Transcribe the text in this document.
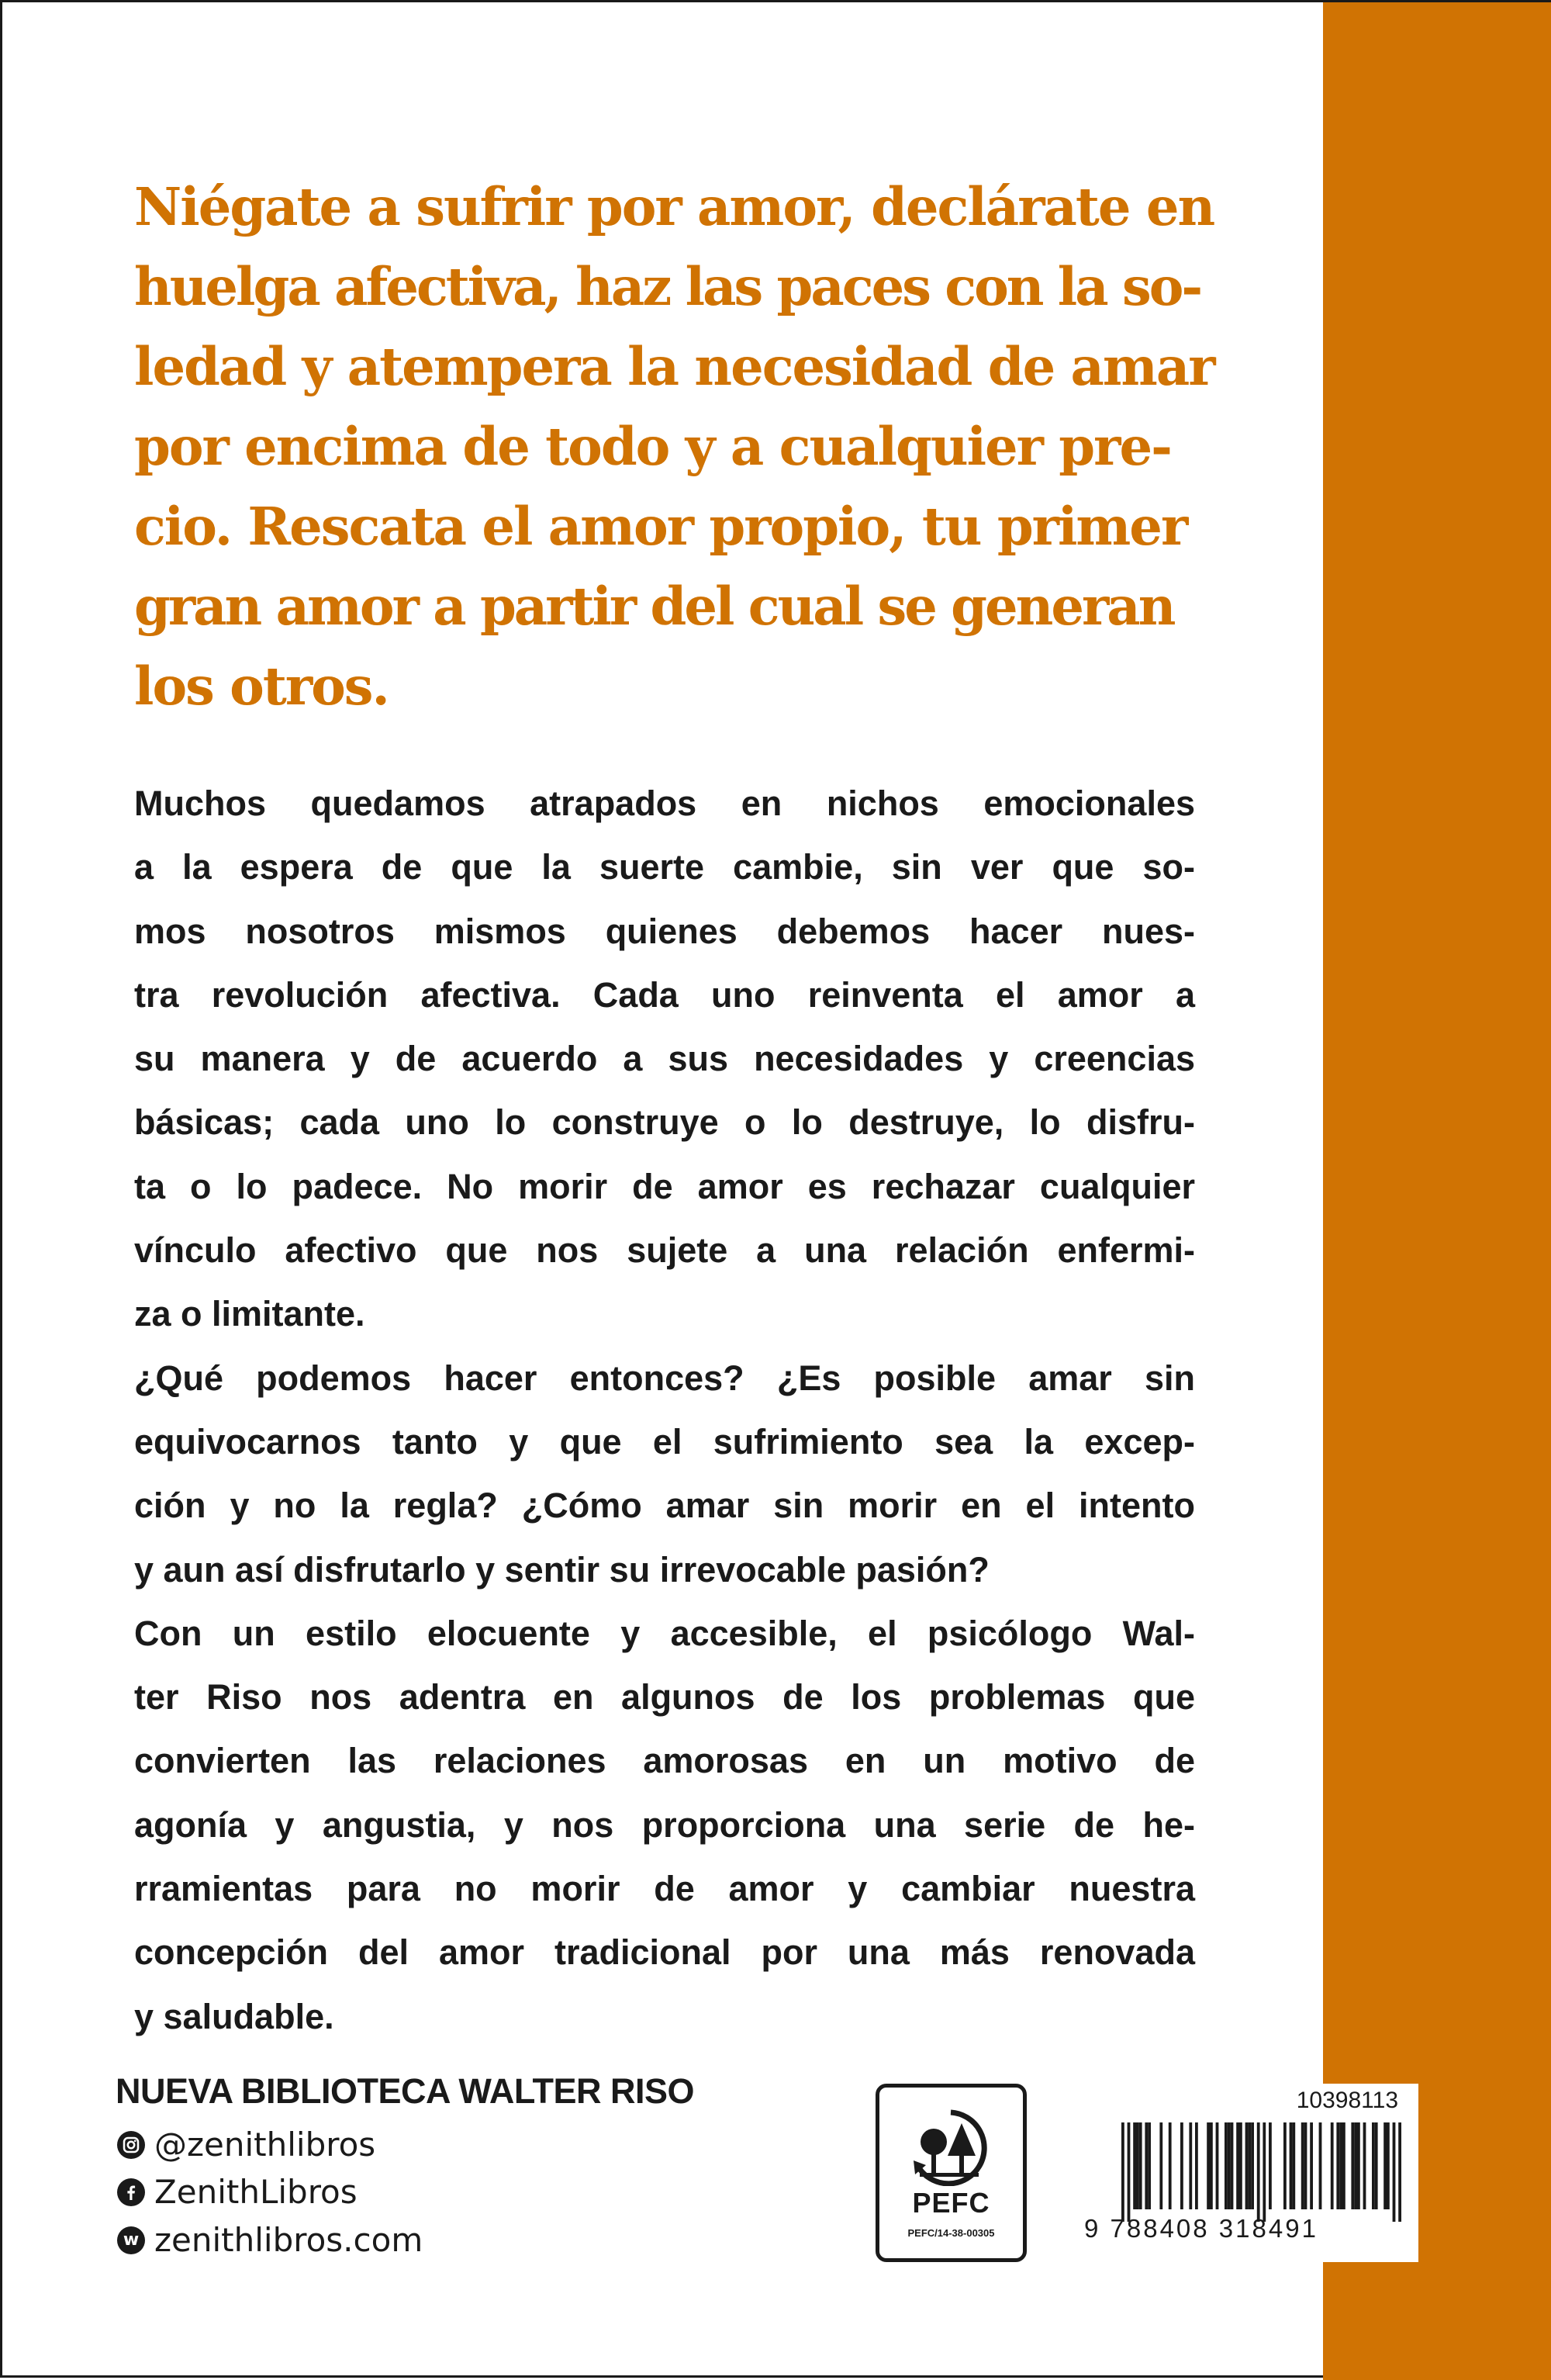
Niégate a sufrir por amor, declárate en
huelga afectiva, haz las paces con la so-
ledad y atempera la necesidad de amar
por encima de todo y a cualquier pre-
cio. Rescata el amor propio, tu primer
gran amor a partir del cual se generan
los otros.
Muchos quedamos atrapados en nichos emocionales
a la espera de que la suerte cambie, sin ver que so-
mos nosotros mismos quienes debemos hacer nues-
tra revolución afectiva. Cada uno reinventa el amor a
su manera y de acuerdo a sus necesidades y creencias
básicas; cada uno lo construye o lo destruye, lo disfru-
ta o lo padece. No morir de amor es rechazar cualquier
vínculo afectivo que nos sujete a una relación enfermi-
za o limitante.
¿Qué podemos hacer entonces? ¿Es posible amar sin
equivocarnos tanto y que el sufrimiento sea la excep-
ción y no la regla? ¿Cómo amar sin morir en el intento
y aun así disfrutarlo y sentir su irrevocable pasión?
Con un estilo elocuente y accesible, el psicólogo Wal-
ter Riso nos adentra en algunos de los problemas que
convierten las relaciones amorosas en un motivo de
agonía y angustia, y nos proporciona una serie de he-
rramientas para no morir de amor y cambiar nuestra
concepción del amor tradicional por una más renovada
y saludable.
NUEVA BIBLIOTECA WALTER RISO
@zenithlibros
ZenithLibros
w zenithlibros.com
PEFC
PEFC/14-38-00305
10398113
9 788408 318491
